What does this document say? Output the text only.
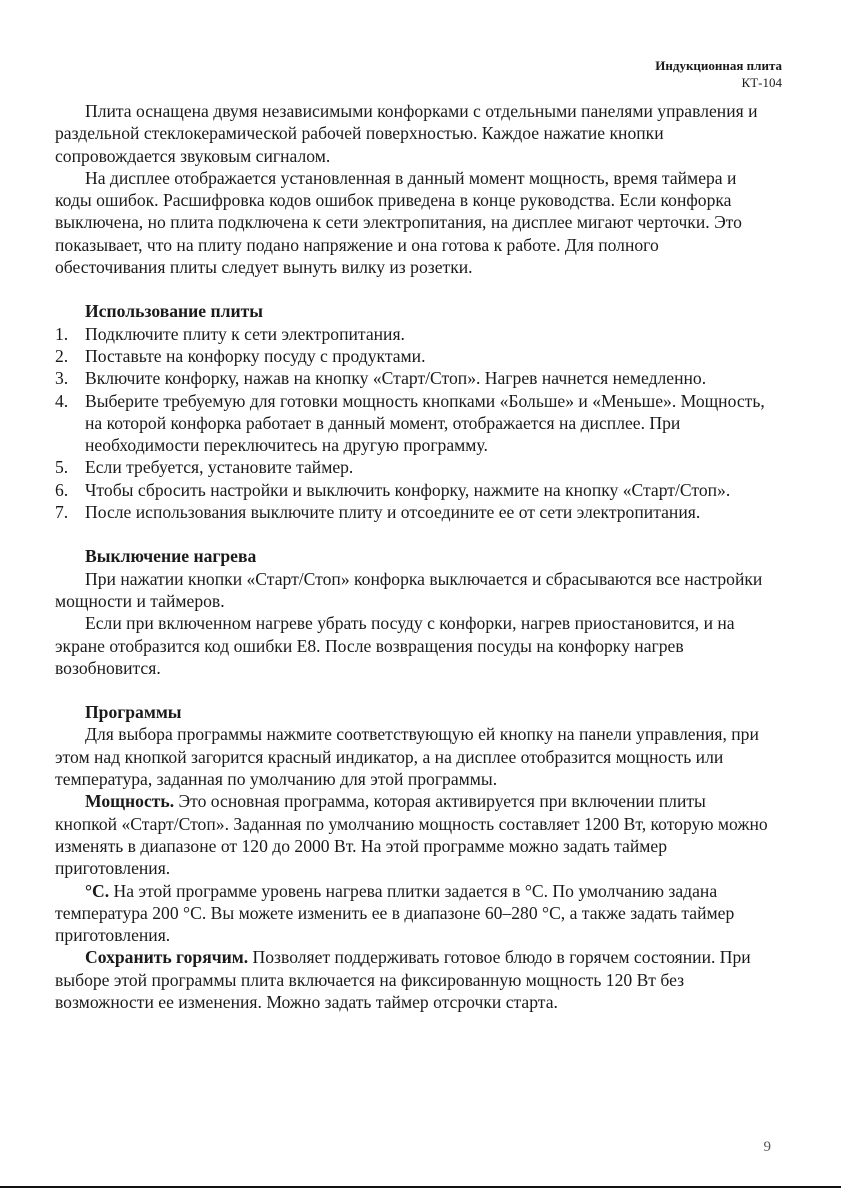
Индукционная плита
КТ-104

Плита оснащена двумя независимыми конфорками с отдельными панелями управления и раздельной стеклокерамической рабочей поверхностью. Каждое нажатие кнопки сопровождается звуковым сигналом.

На дисплее отображается установленная в данный момент мощность, время таймера и коды ошибок. Расшифровка кодов ошибок приведена в конце руководства. Если конфорка выключена, но плита подключена к сети электропитания, на дисплее мигают черточки. Это показывает, что на плиту подано напряжение и она готова к работе. Для полного обесточивания плиты следует вынуть вилку из розетки.

Использование плиты
1. Подключите плиту к сети электропитания.
2. Поставьте на конфорку посуду с продуктами.
3. Включите конфорку, нажав на кнопку «Старт/Стоп». Нагрев начнется немедленно.
4. Выберите требуемую для готовки мощность кнопками «Больше» и «Меньше». Мощность, на которой конфорка работает в данный момент, отображается на дисплее. При необходимости переключитесь на другую программу.
5. Если требуется, установите таймер.
6. Чтобы сбросить настройки и выключить конфорку, нажмите на кнопку «Старт/Стоп».
7. После использования выключите плиту и отсоедините ее от сети электропитания.
Выключение нагрева

При нажатии кнопки «Старт/Стоп» конфорка выключается и сбрасываются все настройки мощности и таймеров.

Если при включенном нагреве убрать посуду с конфорки, нагрев приостановится, и на экране отобразится код ошибки Е8. После возвращения посуды на конфорку нагрев возобновится.

Программы

Для выбора программы нажмите соответствующую ей кнопку на панели управления, при этом над кнопкой загорится красный индикатор, а на дисплее отобразится мощность или температура, заданная по умолчанию для этой программы.

Мощность. Это основная программа, которая активируется при включении плиты кнопкой «Старт/Стоп». Заданная по умолчанию мощность составляет 1200 Вт, которую можно изменять в диапазоне от 120 до 2000 Вт. На этой программе можно задать таймер приготовления.

°C. На этой программе уровень нагрева плитки задается в °С. По умолчанию задана температура 200 °С. Вы можете изменить ее в диапазоне 60–280 °С, а также задать таймер приготовления.

Сохранить горячим. Позволяет поддерживать готовое блюдо в горячем состоянии. При выборе этой программы плита включается на фиксированную мощность 120 Вт без возможности ее изменения. Можно задать таймер отсрочки старта.

9
